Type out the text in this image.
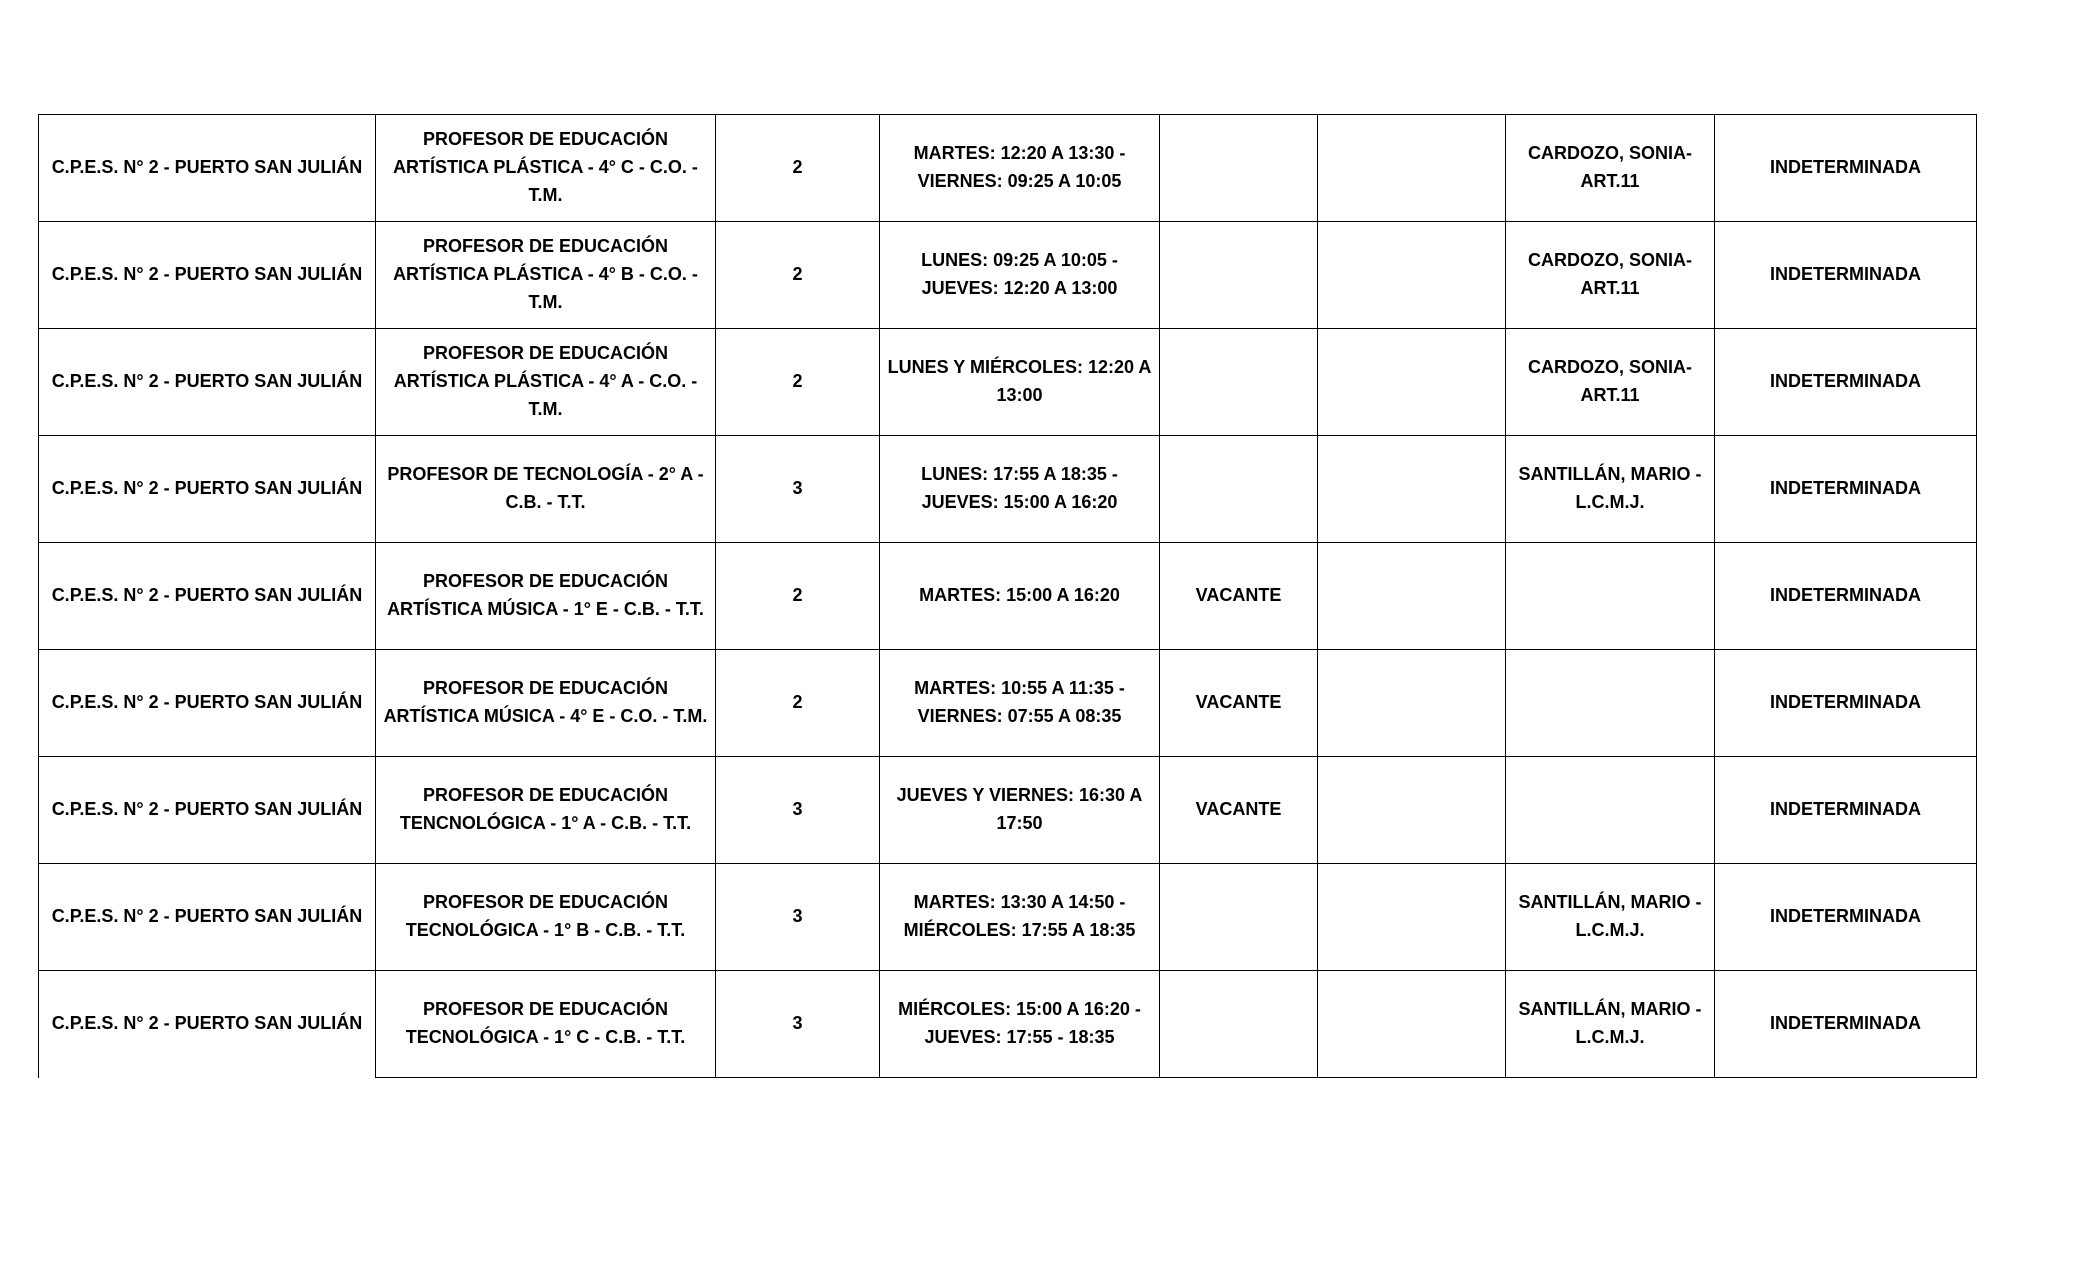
C.P.E.S. N° 2 - PUERTO SAN JULIÁN	PROFESOR DE EDUCACIÓN ARTÍSTICA PLÁSTICA - 4° C - C.O. - T.M.	2	MARTES: 12:20 A 13:30 - VIERNES: 09:25 A 10:05			CARDOZO, SONIA-ART.11	INDETERMINADA
C.P.E.S. N° 2 - PUERTO SAN JULIÁN	PROFESOR DE EDUCACIÓN ARTÍSTICA PLÁSTICA - 4° B - C.O. - T.M.	2	LUNES: 09:25 A 10:05 - JUEVES: 12:20 A 13:00			CARDOZO, SONIA-ART.11	INDETERMINADA
C.P.E.S. N° 2 - PUERTO SAN JULIÁN	PROFESOR DE EDUCACIÓN ARTÍSTICA PLÁSTICA - 4° A - C.O. - T.M.	2	LUNES Y MIÉRCOLES: 12:20 A 13:00			CARDOZO, SONIA-ART.11	INDETERMINADA
C.P.E.S. N° 2 - PUERTO SAN JULIÁN	PROFESOR DE TECNOLOGÍA - 2° A - C.B. - T.T.	3	LUNES: 17:55 A 18:35 - JUEVES: 15:00 A 16:20			SANTILLÁN, MARIO - L.C.M.J.	INDETERMINADA
C.P.E.S. N° 2 - PUERTO SAN JULIÁN	PROFESOR DE EDUCACIÓN ARTÍSTICA MÚSICA - 1° E - C.B. - T.T.	2	MARTES: 15:00 A 16:20	VACANTE			INDETERMINADA
C.P.E.S. N° 2 - PUERTO SAN JULIÁN	PROFESOR DE EDUCACIÓN ARTÍSTICA MÚSICA - 4° E - C.O. - T.M.	2	MARTES: 10:55 A 11:35 - VIERNES: 07:55 A 08:35	VACANTE			INDETERMINADA
C.P.E.S. N° 2 - PUERTO SAN JULIÁN	PROFESOR DE EDUCACIÓN TENCNOLÓGICA - 1° A - C.B. - T.T.	3	JUEVES Y VIERNES: 16:30 A 17:50	VACANTE			INDETERMINADA
C.P.E.S. N° 2 - PUERTO SAN JULIÁN	PROFESOR DE EDUCACIÓN TECNOLÓGICA - 1° B - C.B. - T.T.	3	MARTES: 13:30 A 14:50 - MIÉRCOLES: 17:55 A 18:35			SANTILLÁN, MARIO - L.C.M.J.	INDETERMINADA
C.P.E.S. N° 2 - PUERTO SAN JULIÁN	PROFESOR DE EDUCACIÓN TECNOLÓGICA - 1° C - C.B. - T.T.	3	MIÉRCOLES: 15:00 A 16:20 - JUEVES: 17:55 - 18:35			SANTILLÁN, MARIO - L.C.M.J.	INDETERMINADA
